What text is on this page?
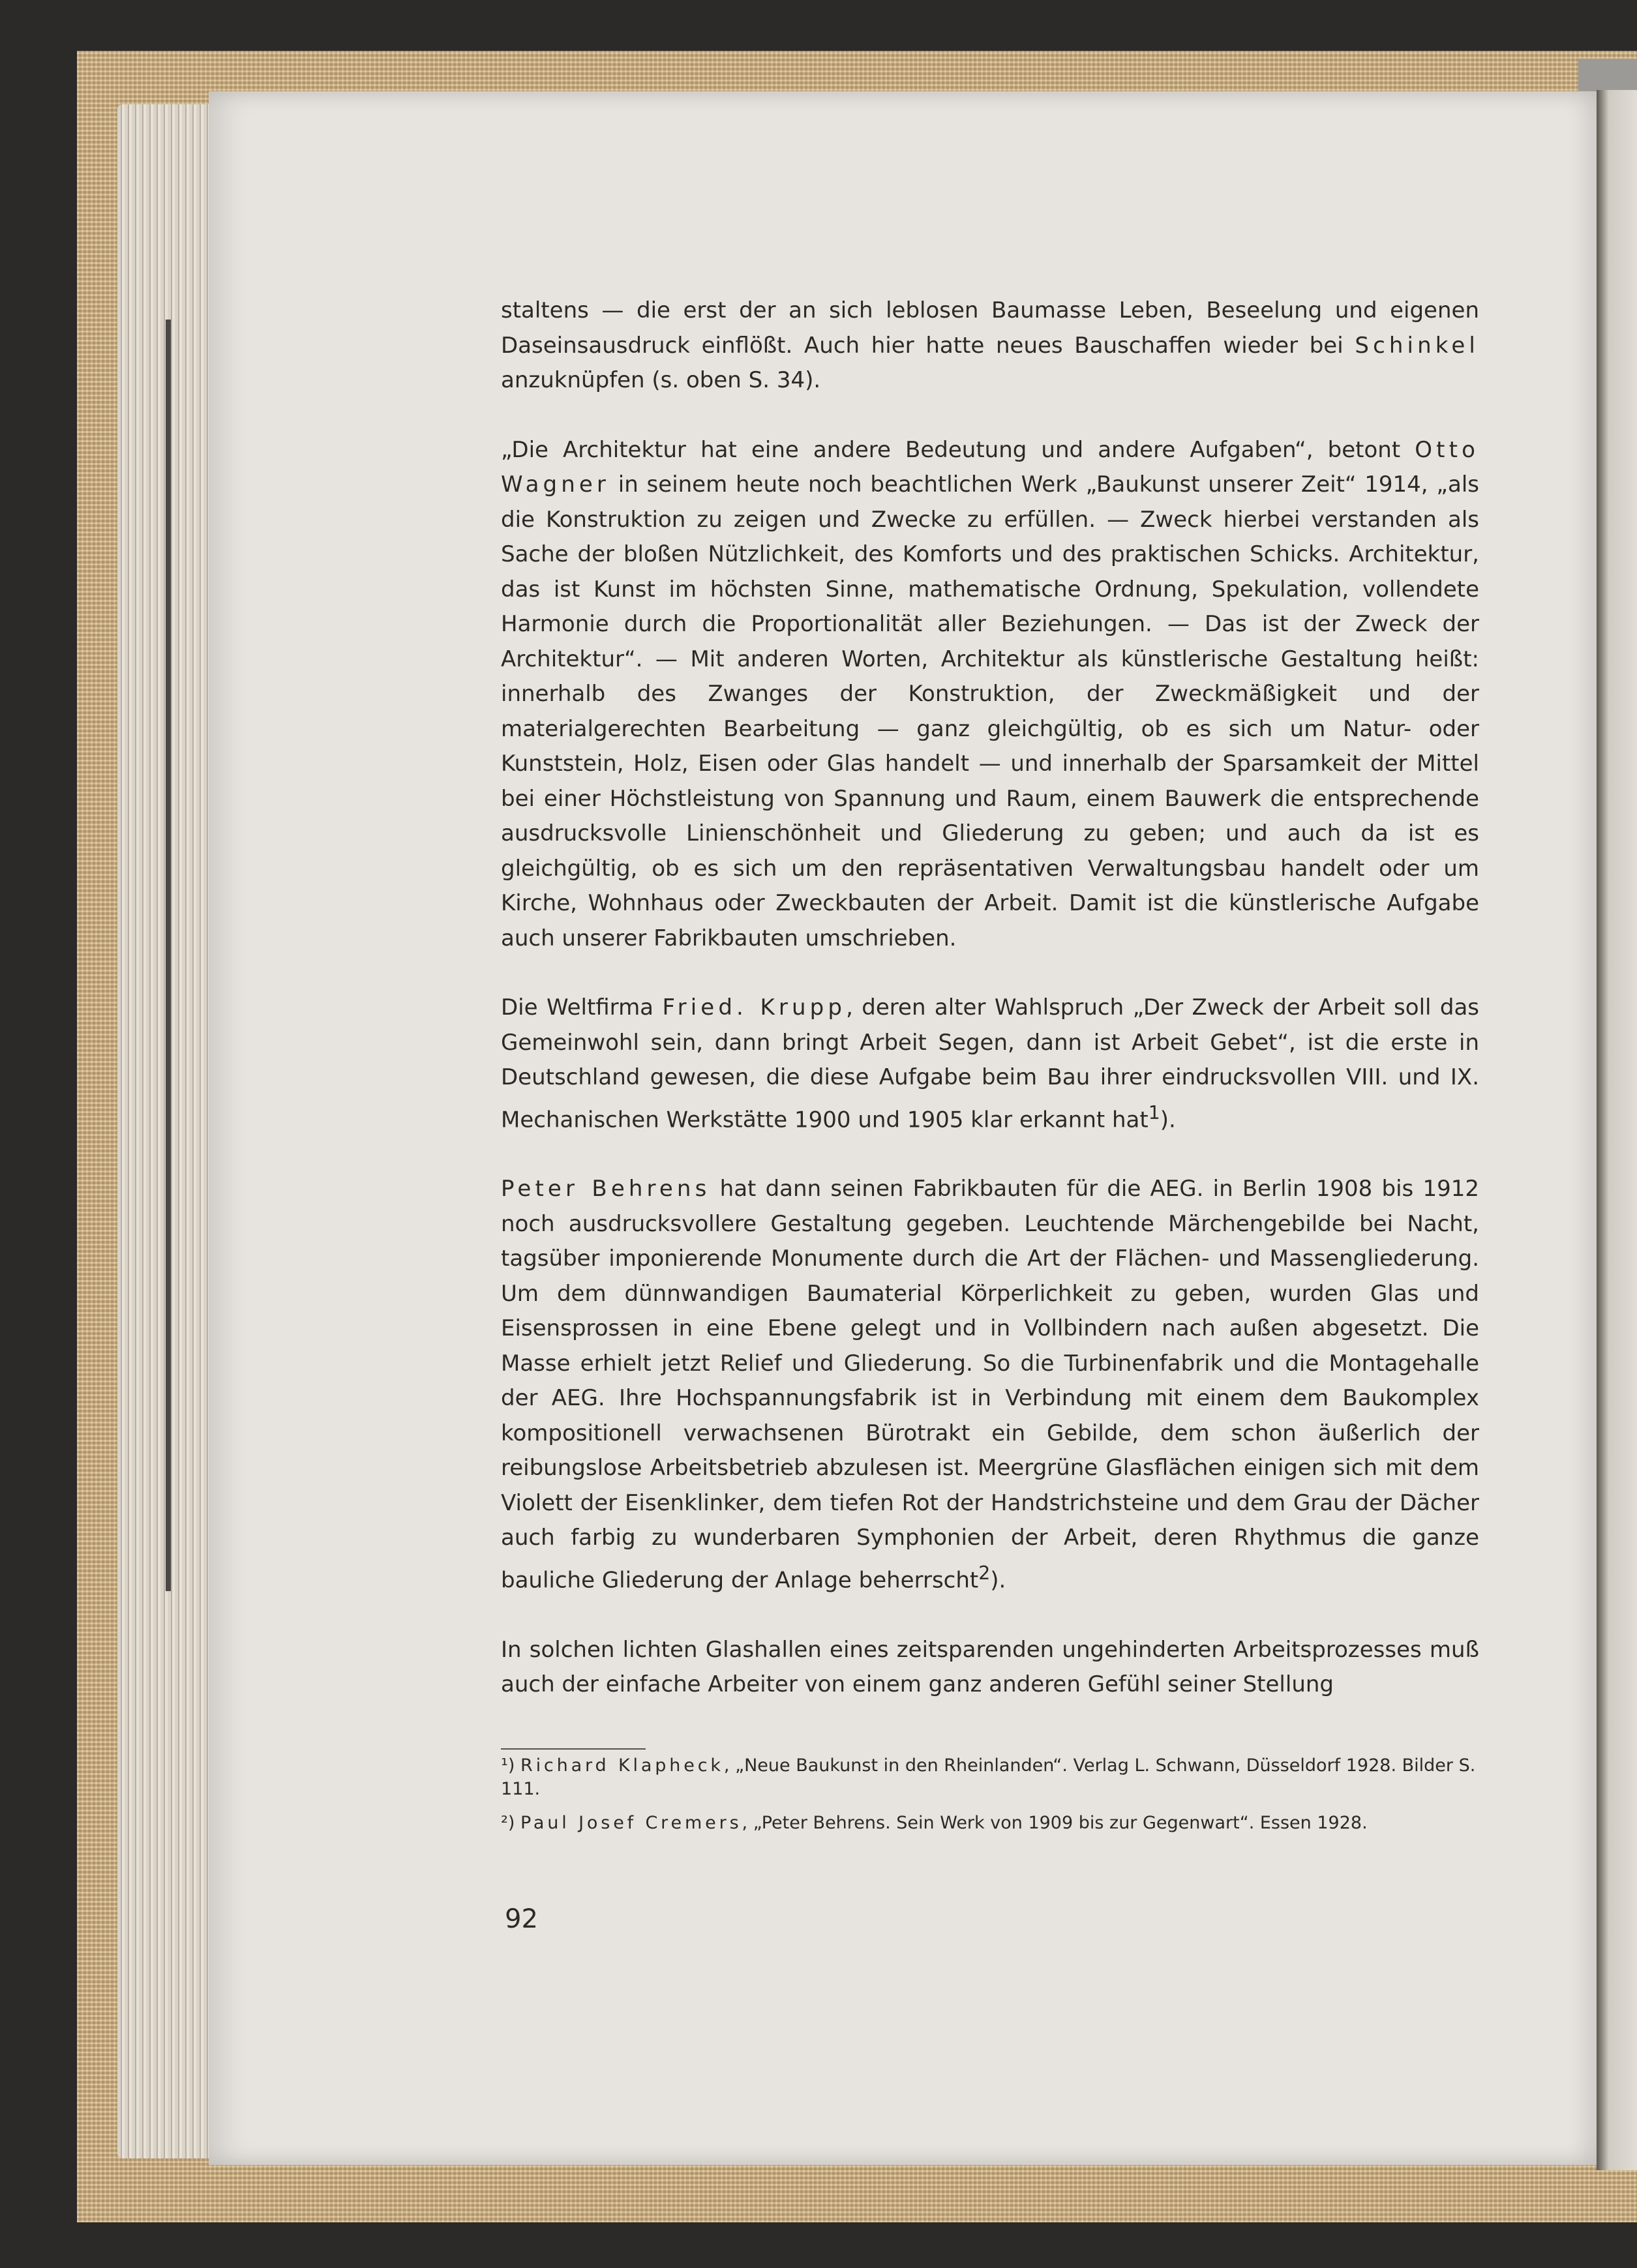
staltens — die erst der an sich leblosen Baumasse Leben, Beseelung und eigenen Daseinsausdruck einflößt. Auch hier hatte neues Bauschaffen wieder bei Schinkel anzuknüpfen (s. oben S. 34).

„Die Architektur hat eine andere Bedeutung und andere Aufgaben“, betont Otto Wagner in seinem heute noch beachtlichen Werk „Baukunst unserer Zeit“ 1914, „als die Konstruktion zu zeigen und Zwecke zu erfüllen. — Zweck hierbei verstanden als Sache der bloßen Nützlichkeit, des Komforts und des praktischen Schicks. Architektur, das ist Kunst im höchsten Sinne, mathematische Ordnung, Spekulation, vollendete Harmonie durch die Proportionalität aller Beziehungen. — Das ist der Zweck der Architektur“. — Mit anderen Worten, Architektur als künstlerische Gestaltung heißt: innerhalb des Zwanges der Konstruktion, der Zweckmäßigkeit und der materialgerechten Bearbeitung — ganz gleichgültig, ob es sich um Natur- oder Kunststein, Holz, Eisen oder Glas handelt — und innerhalb der Sparsamkeit der Mittel bei einer Höchstleistung von Spannung und Raum, einem Bauwerk die entsprechende ausdrucksvolle Linienschönheit und Gliederung zu geben; und auch da ist es gleichgültig, ob es sich um den repräsentativen Verwaltungsbau handelt oder um Kirche, Wohnhaus oder Zweckbauten der Arbeit. Damit ist die künstlerische Aufgabe auch unserer Fabrikbauten umschrieben.

Die Weltfirma Fried. Krupp, deren alter Wahlspruch „Der Zweck der Arbeit soll das Gemeinwohl sein, dann bringt Arbeit Segen, dann ist Arbeit Gebet“, ist die erste in Deutschland gewesen, die diese Aufgabe beim Bau ihrer eindrucksvollen VIII. und IX. Mechanischen Werkstätte 1900 und 1905 klar erkannt hat$^1$).

Peter Behrens hat dann seinen Fabrikbauten für die AEG. in Berlin 1908 bis 1912 noch ausdrucksvollere Gestaltung gegeben. Leuchtende Märchengebilde bei Nacht, tagsüber imponierende Monumente durch die Art der Flächen- und Massengliederung. Um dem dünnwandigen Baumaterial Körperlichkeit zu geben, wurden Glas und Eisensprossen in eine Ebene gelegt und in Vollbindern nach außen abgesetzt. Die Masse erhielt jetzt Relief und Gliederung. So die Turbinenfabrik und die Montagehalle der AEG. Ihre Hochspannungsfabrik ist in Verbindung mit einem dem Baukomplex kompositionell verwachsenen Bürotrakt ein Gebilde, dem schon äußerlich der reibungslose Arbeitsbetrieb abzulesen ist. Meergrüne Glasflächen einigen sich mit dem Violett der Eisenklinker, dem tiefen Rot der Handstrichsteine und dem Grau der Dächer auch farbig zu wunderbaren Symphonien der Arbeit, deren Rhythmus die ganze bauliche Gliederung der Anlage beherrscht$^2$).

In solchen lichten Glashallen eines zeitsparenden ungehinderten Arbeitsprozesses muß auch der einfache Arbeiter von einem ganz anderen Gefühl seiner Stellung

¹) Richard Klapheck, „Neue Baukunst in den Rheinlanden“. Verlag L. Schwann, Düsseldorf 1928. Bilder S. 111.

²) Paul Josef Cremers, „Peter Behrens. Sein Werk von 1909 bis zur Gegenwart“. Essen 1928.

92
